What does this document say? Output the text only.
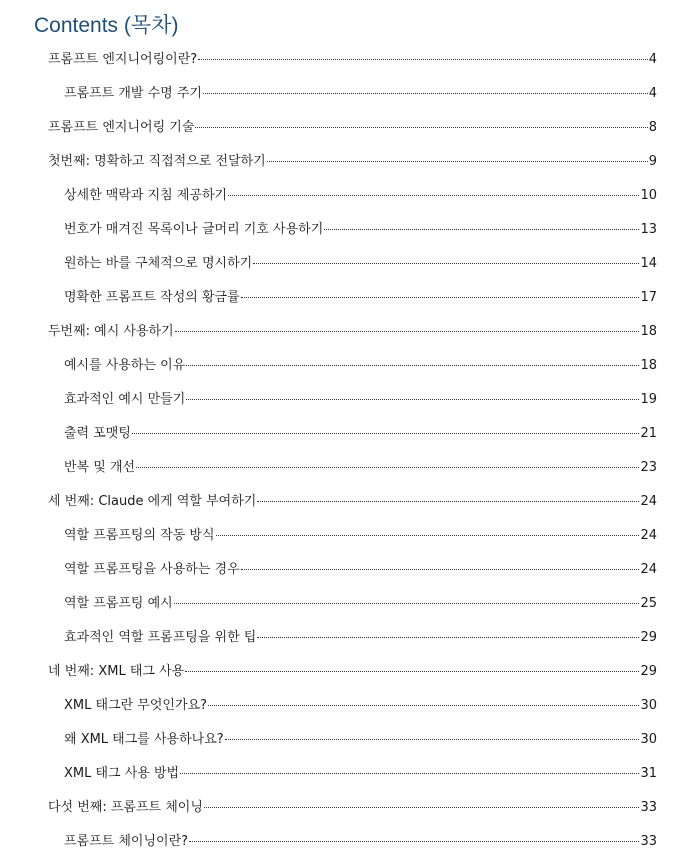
Contents (목차)
프롬프트 엔지니어링이란?	4
프롬프트 개발 수명 주기	4
프롬프트 엔지니어링 기술	8
첫번째: 명확하고 직접적으로 전달하기	9
상세한 맥락과 지침 제공하기	10
번호가 매겨진 목록이나 글머리 기호 사용하기	13
원하는 바를 구체적으로 명시하기	14
명확한 프롬프트 작성의 황금률	17
두번째: 예시 사용하기	18
예시를 사용하는 이유	18
효과적인 예시 만들기	19
출력 포맷팅	21
반복 및 개선	23
세 번째: Claude 에게 역할 부여하기	24
역할 프롬프팅의 작동 방식	24
역할 프롬프팅을 사용하는 경우	24
역할 프롬프팅 예시	25
효과적인 역할 프롬프팅을 위한 팁	29
네 번째: XML 태그 사용	29
XML 태그란 무엇인가요?	30
왜 XML 태그를 사용하나요?	30
XML 태그 사용 방법	31
다섯 번째: 프롬프트 체이닝	33
프롬프트 체이닝이란?	33
